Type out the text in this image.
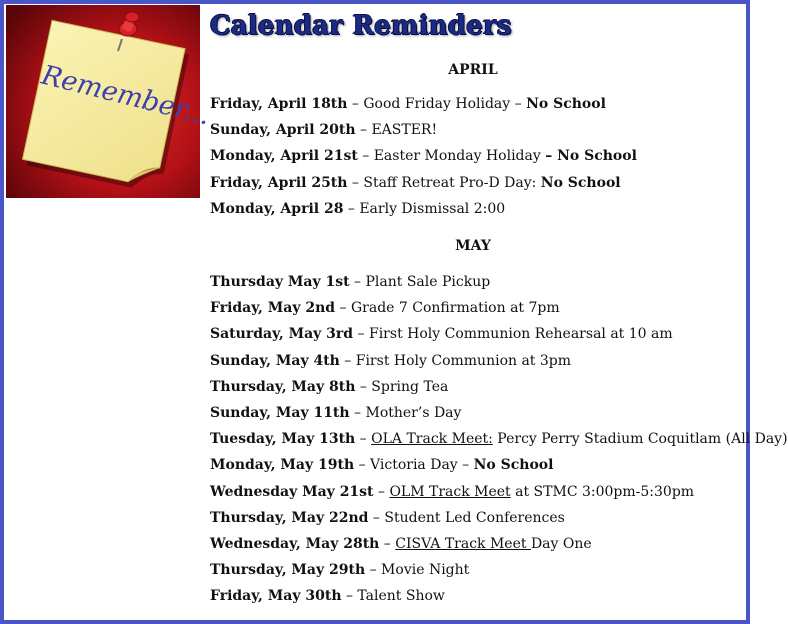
Remember...
Calendar Reminders
APRIL
Friday, April 18th – Good Friday Holiday – No School
Sunday, April 20th – EASTER!
Monday, April 21st – Easter Monday Holiday – No School
Friday, April 25th – Staff Retreat Pro-D Day: No School
Monday, April 28 – Early Dismissal 2:00
MAY
Thursday May 1st – Plant Sale Pickup
Friday, May 2nd – Grade 7 Confirmation at 7pm
Saturday, May 3rd – First Holy Communion Rehearsal at 10 am
Sunday, May 4th – First Holy Communion at 3pm
Thursday, May 8th – Spring Tea
Sunday, May 11th – Mother’s Day
Tuesday, May 13th – OLA Track Meet: Percy Perry Stadium Coquitlam (All Day)
Monday, May 19th – Victoria Day – No School
Wednesday May 21st – OLM Track Meet at STMC 3:00pm-5:30pm
Thursday, May 22nd – Student Led Conferences
Wednesday, May 28th – CISVA Track Meet Day One
Thursday, May 29th – Movie Night
Friday, May 30th – Talent Show
